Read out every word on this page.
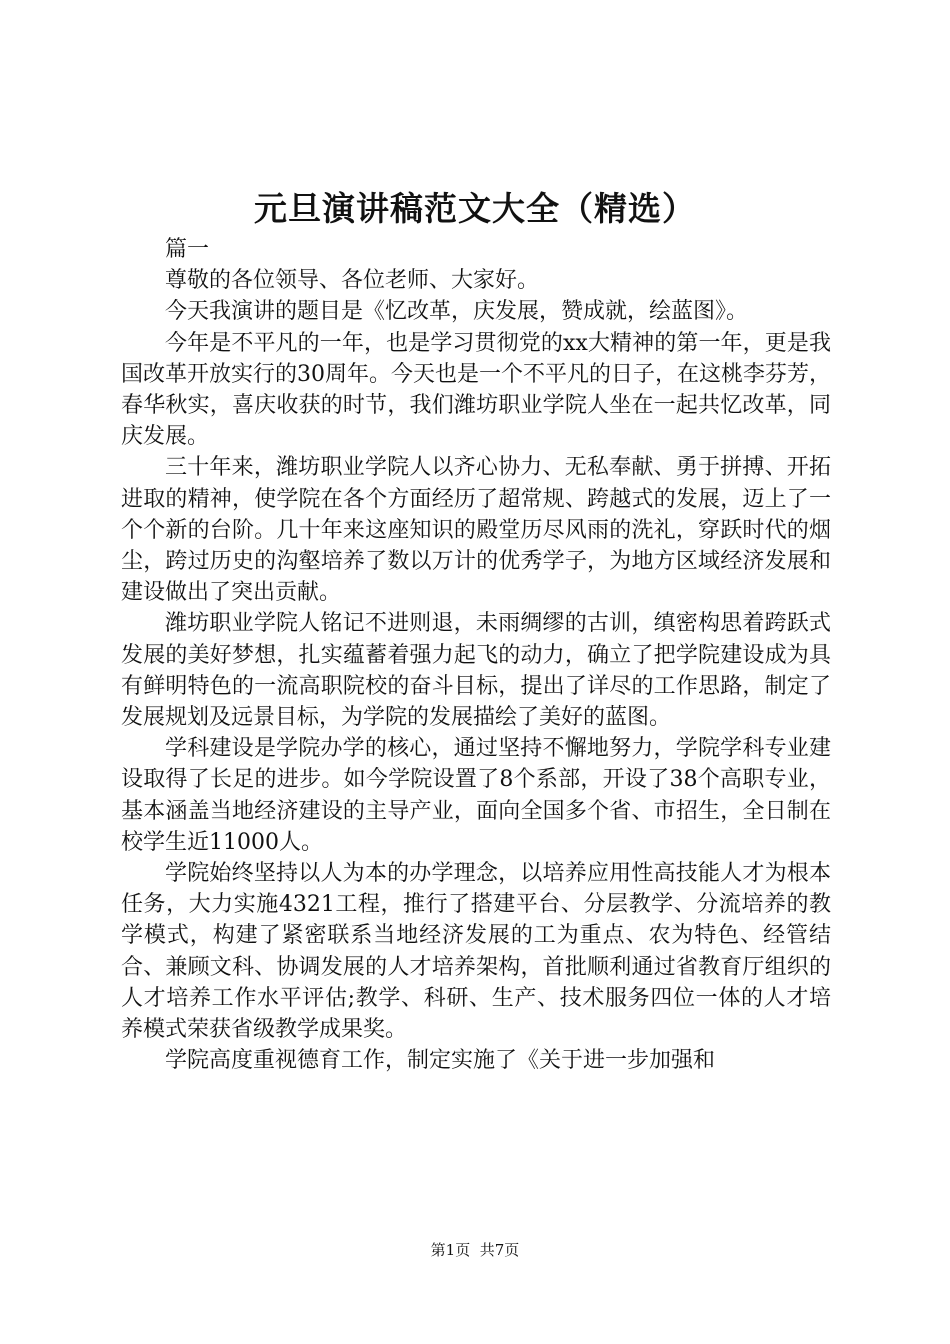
元旦演讲稿范文大全（精选）

篇一

尊敬的各位领导、各位老师、大家好。

今天我演讲的题目是《忆改革，庆发展，赞成就，绘蓝图》。

今年是不平凡的一年，也是学习贯彻党的xx大精神的第一年，更是我国改革开放实行的30周年。今天也是一个不平凡的日子，在这桃李芬芳，春华秋实，喜庆收获的时节，我们潍坊职业学院人坐在一起共忆改革，同庆发展。

三十年来，潍坊职业学院人以齐心协力、无私奉献、勇于拼搏、开拓进取的精神，使学院在各个方面经历了超常规、跨越式的发展，迈上了一个个新的台阶。几十年来这座知识的殿堂历尽风雨的洗礼，穿跃时代的烟尘，跨过历史的沟壑培养了数以万计的优秀学子，为地方区域经济发展和建设做出了突出贡献。

潍坊职业学院人铭记不进则退，未雨绸缪的古训，缜密构思着跨跃式发展的美好梦想，扎实蕴蓄着强力起飞的动力，确立了把学院建设成为具有鲜明特色的一流高职院校的奋斗目标，提出了详尽的工作思路，制定了发展规划及远景目标，为学院的发展描绘了美好的蓝图。

学科建设是学院办学的核心，通过坚持不懈地努力，学院学科专业建设取得了长足的进步。如今学院设置了8个系部，开设了38个高职专业，基本涵盖当地经济建设的主导产业，面向全国多个省、市招生，全日制在校学生近11000人。

学院始终坚持以人为本的办学理念，以培养应用性高技能人才为根本任务，大力实施4321工程，推行了搭建平台、分层教学、分流培养的教学模式，构建了紧密联系当地经济发展的工为重点、农为特色、经管结合、兼顾文科、协调发展的人才培养架构，首批顺利通过省教育厅组织的人才培养工作水平评估;教学、科研、生产、技术服务四位一体的人才培养模式荣获省级教学成果奖。

学院高度重视德育工作，制定实施了《关于进一步加强和

第1页 共7页
